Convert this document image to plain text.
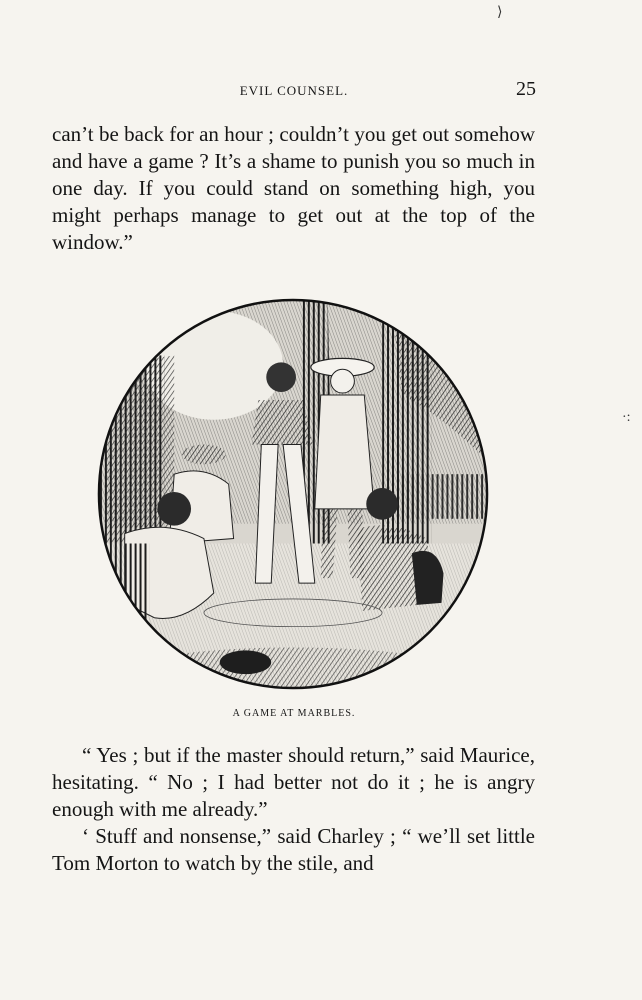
⟩
·:
EVIL COUNSEL.	25

can’t be back for an hour ; couldn’t you get out somehow and have a game ? It’s a shame to punish you so much in one day. If you could stand on something high, you might perhaps manage to get out at the top of the window.”

A GAME AT MARBLES.

“ Yes ; but if the master should return,” said Maurice, hesitating. “ No ; I had better not do it ; he is angry enough with me already.”

‘ Stuff and nonsense,” said Charley ; “ we’ll set little Tom Morton to watch by the stile, and
